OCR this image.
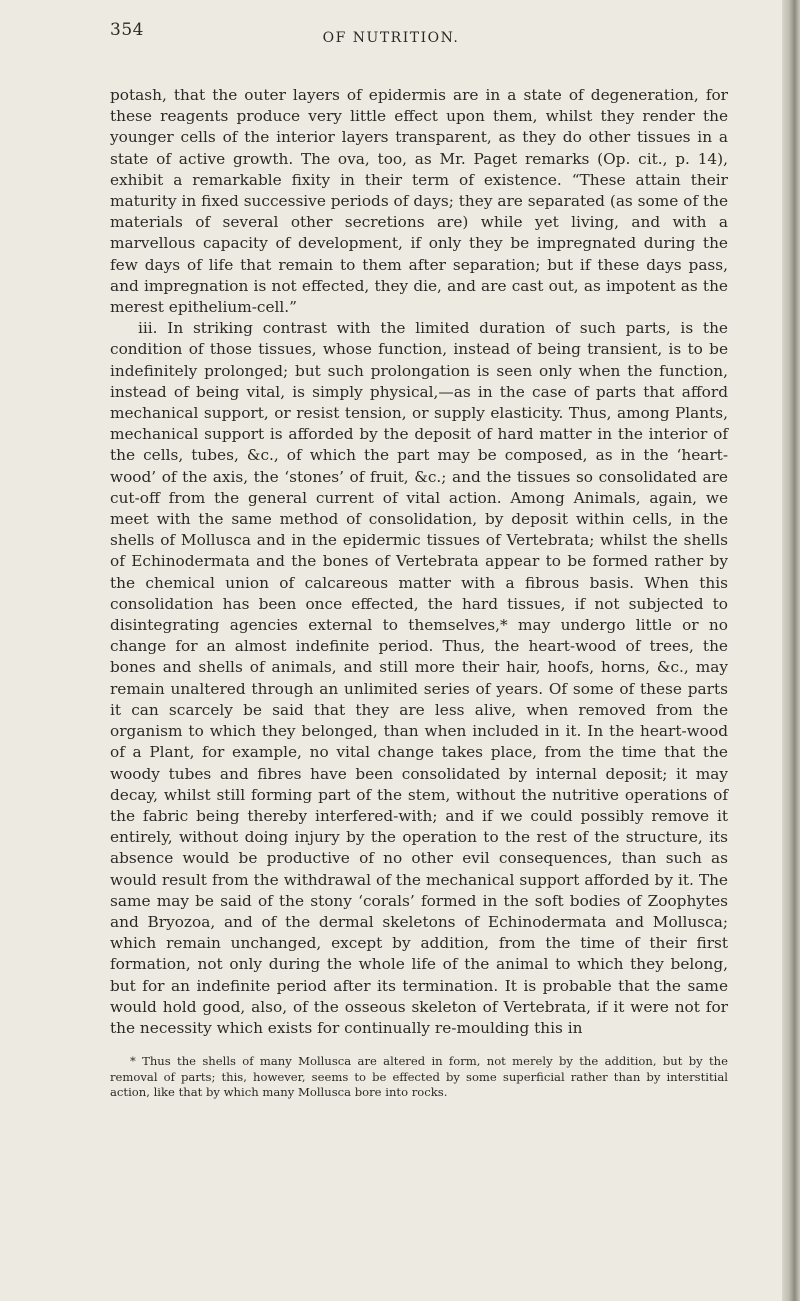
354	OF NUTRITION.

potash, that the outer layers of epidermis are in a state of degeneration, for these reagents produce very little effect upon them, whilst they render the younger cells of the interior layers transparent, as they do other tissues in a state of active growth. The ova, too, as Mr. Paget remarks (Op. cit., p. 14), exhibit a remarkable fixity in their term of existence. “These attain their maturity in fixed successive periods of days; they are separated (as some of the materials of several other secretions are) while yet living, and with a marvellous capacity of development, if only they be impregnated during the few days of life that remain to them after separation; but if these days pass, and impregnation is not effected, they die, and are cast out, as impotent as the merest epithelium-cell.”

iii. In striking contrast with the limited duration of such parts, is the condition of those tissues, whose function, instead of being transient, is to be indefinitely prolonged; but such prolongation is seen only when the function, instead of being vital, is simply physical,—as in the case of parts that afford mechanical support, or resist tension, or supply elasticity. Thus, among Plants, mechanical support is afforded by the deposit of hard matter in the interior of the cells, tubes, &c., of which the part may be composed, as in the ‘heart-wood’ of the axis, the ‘stones’ of fruit, &c.; and the tissues so consolidated are cut-off from the general current of vital action. Among Animals, again, we meet with the same method of consolidation, by deposit within cells, in the shells of Mollusca and in the epidermic tissues of Vertebrata; whilst the shells of Echinodermata and the bones of Vertebrata appear to be formed rather by the chemical union of calcareous matter with a fibrous basis. When this consolidation has been once effected, the hard tissues, if not subjected to disintegrating agencies external to themselves,* may undergo little or no change for an almost indefinite period. Thus, the heart-wood of trees, the bones and shells of animals, and still more their hair, hoofs, horns, &c., may remain unaltered through an unlimited series of years. Of some of these parts it can scarcely be said that they are less alive, when removed from the organism to which they belonged, than when included in it. In the heart-wood of a Plant, for example, no vital change takes place, from the time that the woody tubes and fibres have been consolidated by internal deposit; it may decay, whilst still forming part of the stem, without the nutritive operations of the fabric being thereby interfered-with; and if we could possibly remove it entirely, without doing injury by the operation to the rest of the structure, its absence would be productive of no other evil consequences, than such as would result from the withdrawal of the mechanical support afforded by it. The same may be said of the stony ‘corals’ formed in the soft bodies of Zoophytes and Bryozoa, and of the dermal skeletons of Echinodermata and Mollusca; which remain unchanged, except by addition, from the time of their first formation, not only during the whole life of the animal to which they belong, but for an indefinite period after its termination. It is probable that the same would hold good, also, of the osseous skeleton of Vertebrata, if it were not for the necessity which exists for continually re-moulding this in

* Thus the shells of many Mollusca are altered in form, not merely by the addition, but by the removal of parts; this, however, seems to be effected by some superficial rather than by interstitial action, like that by which many Mollusca bore into rocks.
